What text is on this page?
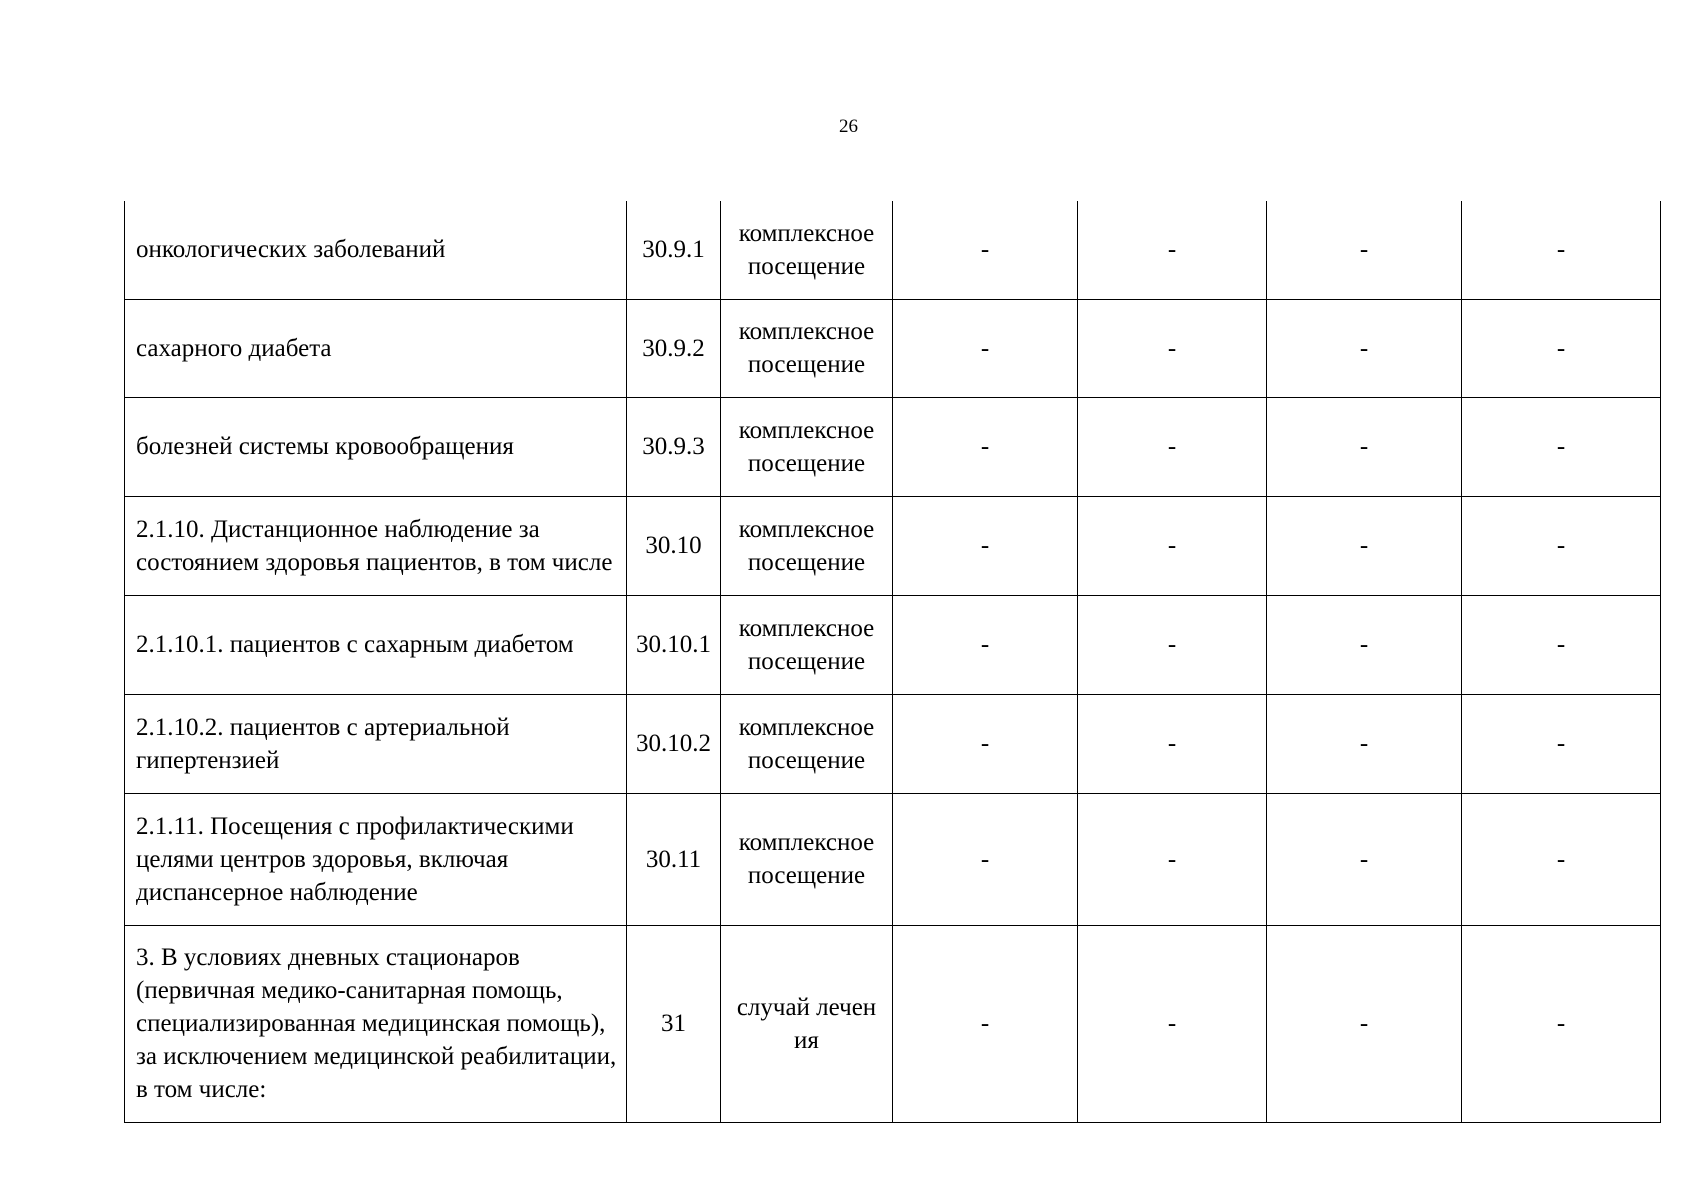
26
онкологических заболеваний	30.9.1	комплексное посещение	-	-	-	-
сахарного диабета	30.9.2	комплексное посещение	-	-	-	-
болезней системы кровообращения	30.9.3	комплексное посещение	-	-	-	-
2.1.10. Дистанционное наблюдение за состоянием здоровья пациентов, в том числе	30.10	комплексное посещение	-	-	-	-
2.1.10.1. пациентов с сахарным диабетом	30.10.1	комплексное посещение	-	-	-	-
2.1.10.2. пациентов с артериальной гипертензией	30.10.2	комплексное посещение	-	-	-	-
2.1.11. Посещения с профилактическими целями центров здоровья, включая диспансерное наблюдение	30.11	комплексное посещение	-	-	-	-
3. В условиях дневных стационаров (первичная медико-санитарная помощь, специализированная медицинская помощь), за исключением медицинской реабилитации, в том числе:	31	случай лечения	-	-	-	-
